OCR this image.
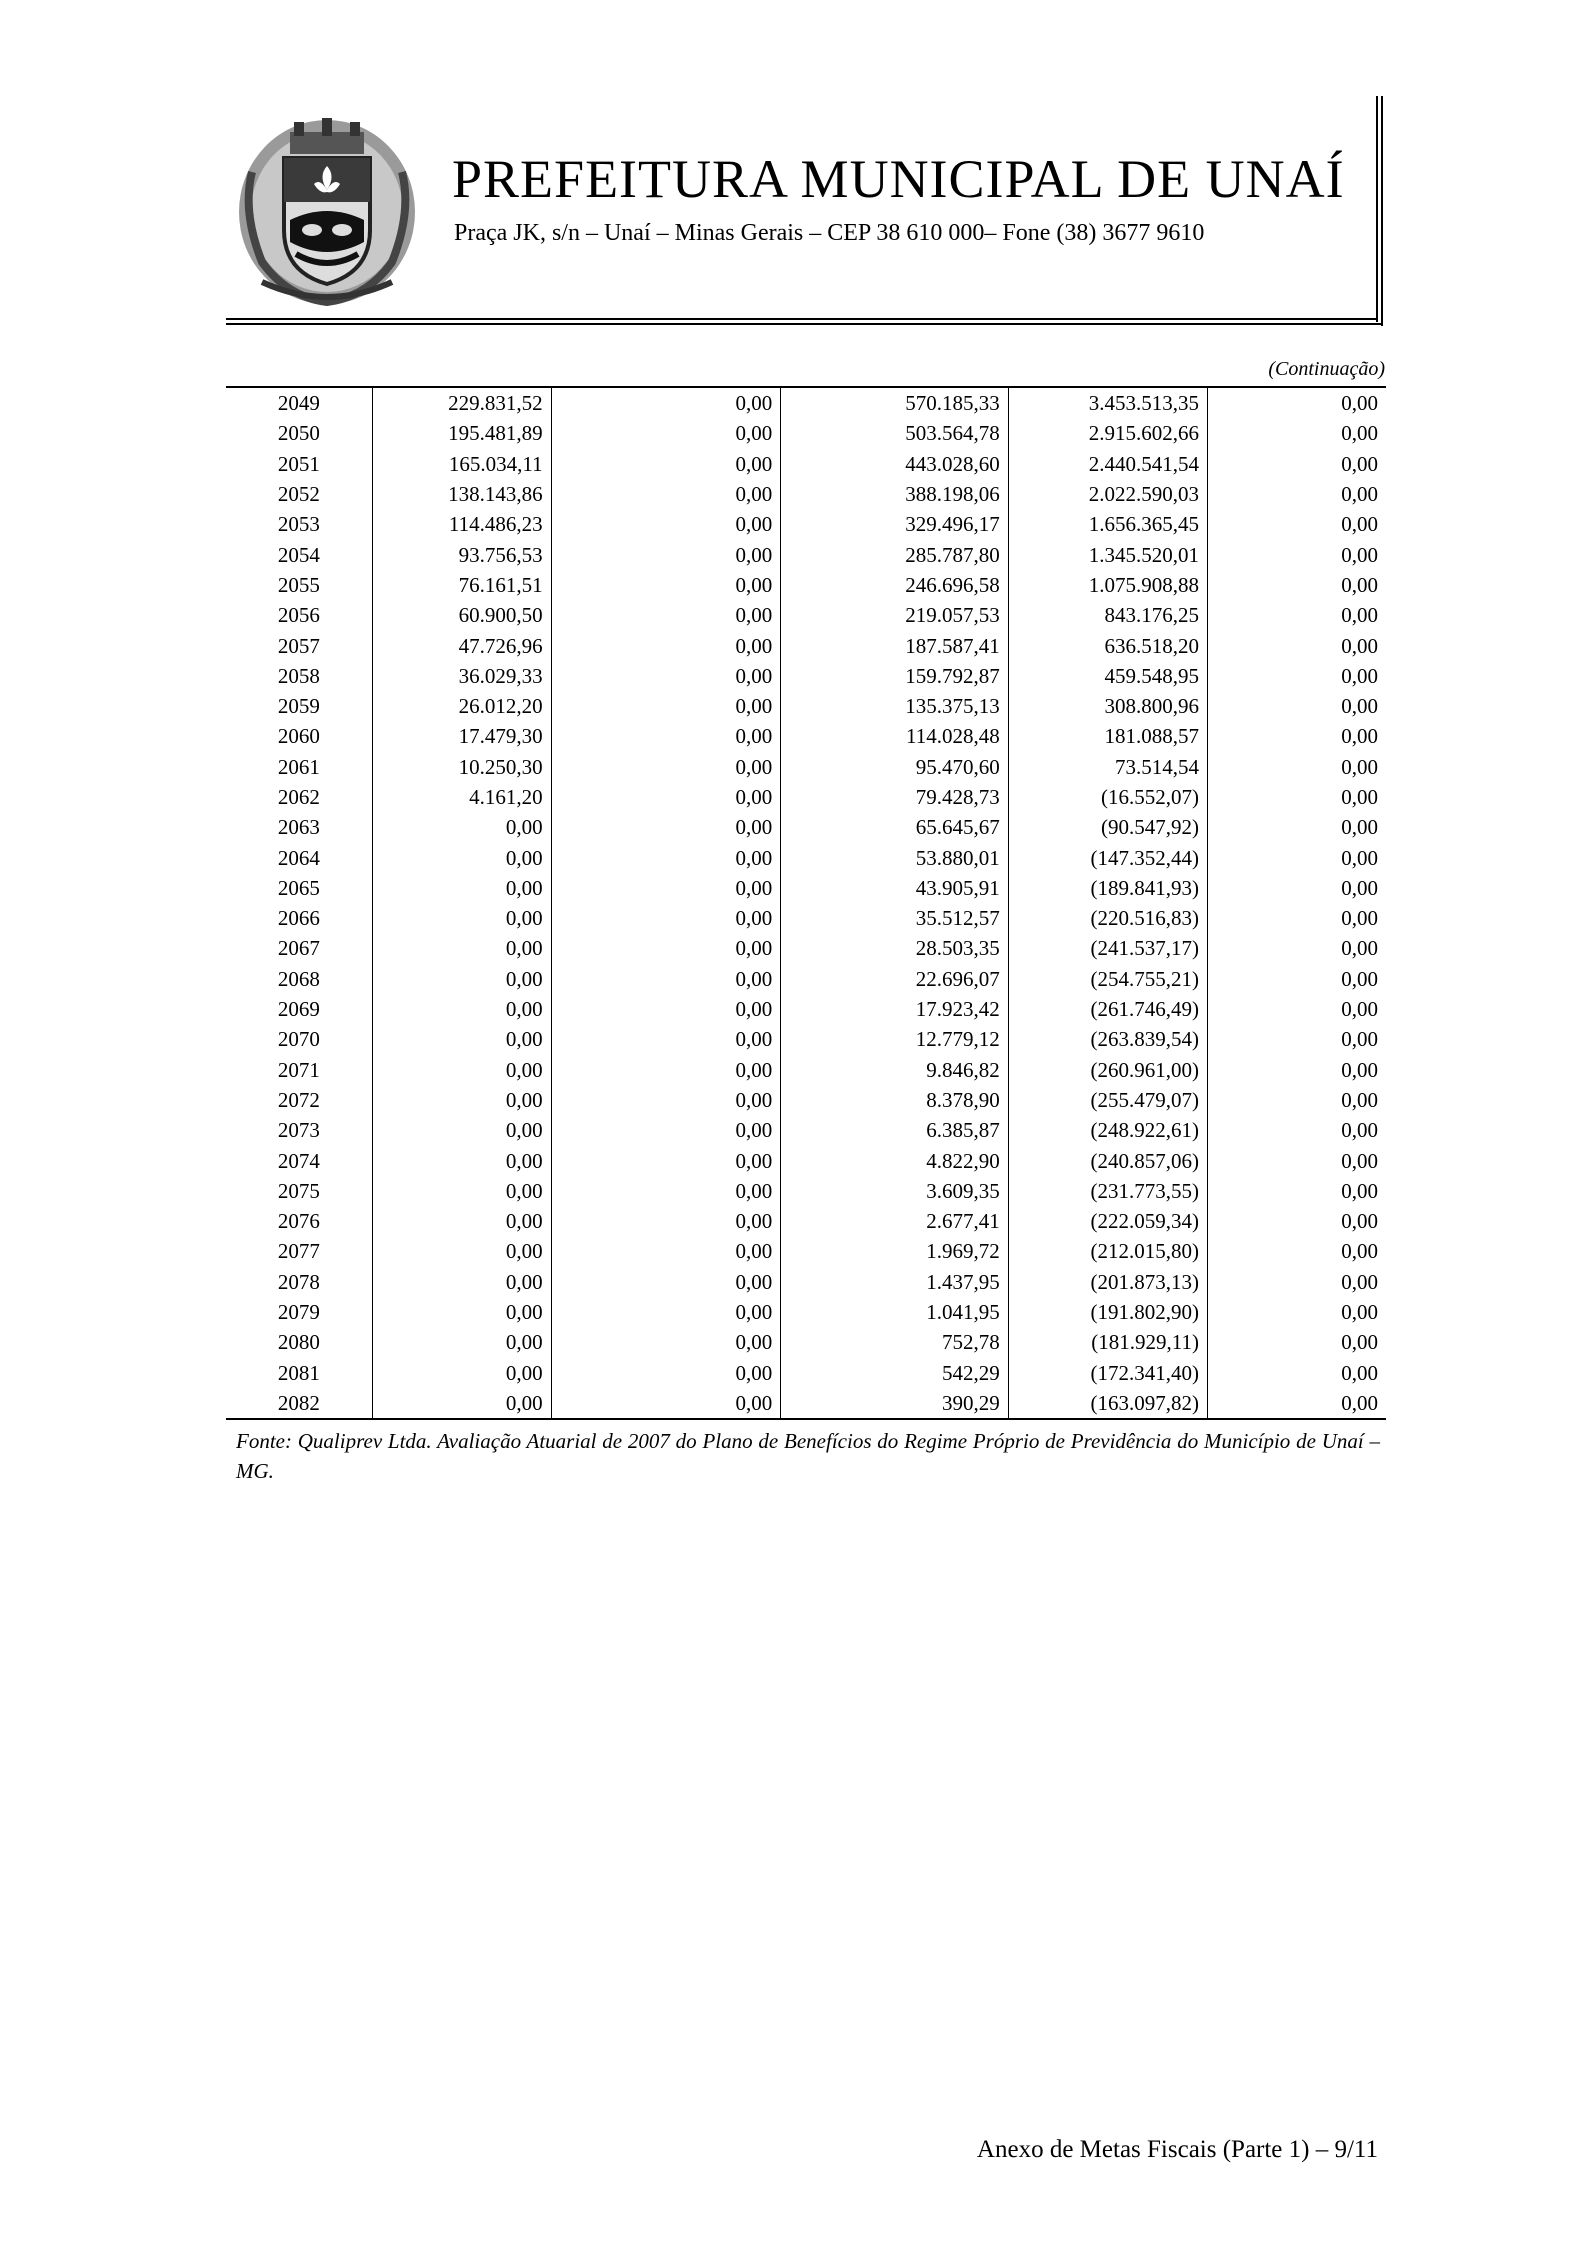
PREFEITURA MUNICIPAL DE UNAÍ
Praça JK, s/n – Unaí – Minas Gerais – CEP 38 610 000– Fone (38) 3677 9610
(Continuação)
2049	229.831,52	0,00	570.185,33	3.453.513,35	0,00
2050	195.481,89	0,00	503.564,78	2.915.602,66	0,00
2051	165.034,11	0,00	443.028,60	2.440.541,54	0,00
2052	138.143,86	0,00	388.198,06	2.022.590,03	0,00
2053	114.486,23	0,00	329.496,17	1.656.365,45	0,00
2054	93.756,53	0,00	285.787,80	1.345.520,01	0,00
2055	76.161,51	0,00	246.696,58	1.075.908,88	0,00
2056	60.900,50	0,00	219.057,53	843.176,25	0,00
2057	47.726,96	0,00	187.587,41	636.518,20	0,00
2058	36.029,33	0,00	159.792,87	459.548,95	0,00
2059	26.012,20	0,00	135.375,13	308.800,96	0,00
2060	17.479,30	0,00	114.028,48	181.088,57	0,00
2061	10.250,30	0,00	95.470,60	73.514,54	0,00
2062	4.161,20	0,00	79.428,73	(16.552,07)	0,00
2063	0,00	0,00	65.645,67	(90.547,92)	0,00
2064	0,00	0,00	53.880,01	(147.352,44)	0,00
2065	0,00	0,00	43.905,91	(189.841,93)	0,00
2066	0,00	0,00	35.512,57	(220.516,83)	0,00
2067	0,00	0,00	28.503,35	(241.537,17)	0,00
2068	0,00	0,00	22.696,07	(254.755,21)	0,00
2069	0,00	0,00	17.923,42	(261.746,49)	0,00
2070	0,00	0,00	12.779,12	(263.839,54)	0,00
2071	0,00	0,00	9.846,82	(260.961,00)	0,00
2072	0,00	0,00	8.378,90	(255.479,07)	0,00
2073	0,00	0,00	6.385,87	(248.922,61)	0,00
2074	0,00	0,00	4.822,90	(240.857,06)	0,00
2075	0,00	0,00	3.609,35	(231.773,55)	0,00
2076	0,00	0,00	2.677,41	(222.059,34)	0,00
2077	0,00	0,00	1.969,72	(212.015,80)	0,00
2078	0,00	0,00	1.437,95	(201.873,13)	0,00
2079	0,00	0,00	1.041,95	(191.802,90)	0,00
2080	0,00	0,00	752,78	(181.929,11)	0,00
2081	0,00	0,00	542,29	(172.341,40)	0,00
2082	0,00	0,00	390,29	(163.097,82)	0,00
Fonte: Qualiprev Ltda. Avaliação Atuarial de 2007 do Plano de Benefícios do Regime Próprio de Previdência do Município de Unaí – MG.
Anexo de Metas Fiscais (Parte 1) – 9/11
